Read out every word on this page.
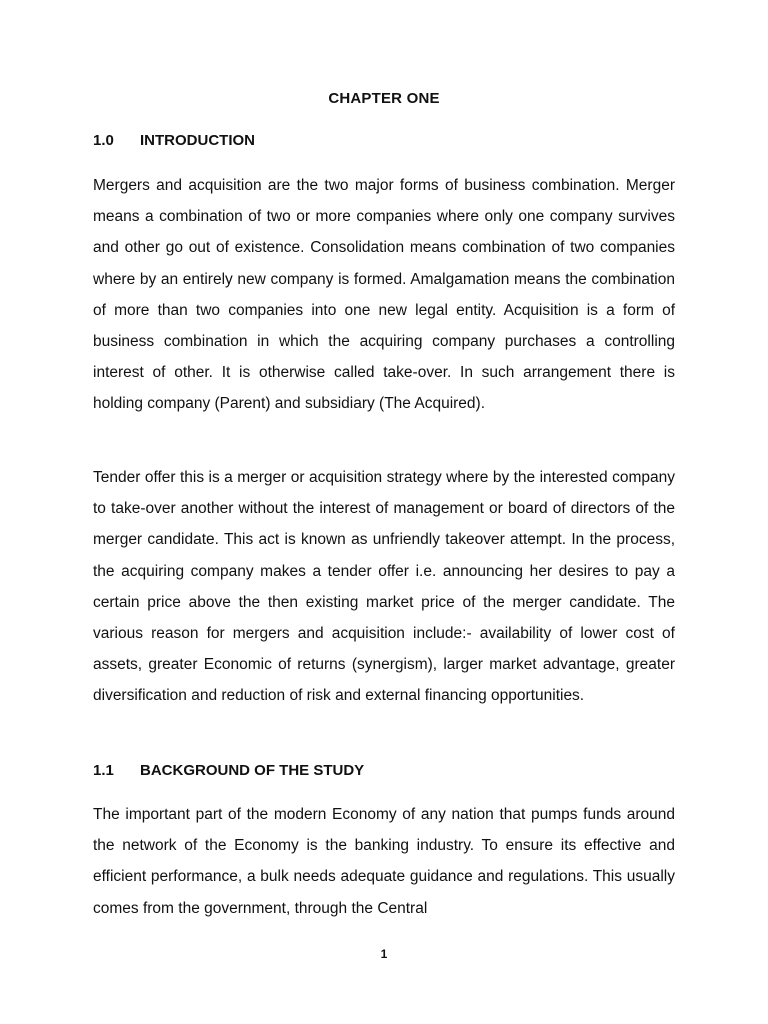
CHAPTER ONE
1.0	INTRODUCTION

Mergers and acquisition are the two major forms of business combination. Merger means a combination of two or more companies where only one company survives and other go out of existence. Consolidation means combination of two companies where by an entirely new company is formed. Amalgamation means the combination of more than two companies into one new legal entity. Acquisition is a form of business combination in which the acquiring company purchases a controlling interest of other. It is otherwise called take-over. In such arrangement there is holding company (Parent) and subsidiary (The Acquired).

Tender offer this is a merger or acquisition strategy where by the interested company to take-over another without the interest of management or board of directors of the merger candidate. This act is known as unfriendly takeover attempt. In the process, the acquiring company makes a tender offer i.e. announcing her desires to pay a certain price above the then existing market price of the merger candidate. The various reason for mergers and acquisition include:- availability of lower cost of assets, greater Economic of returns (synergism), larger market advantage, greater diversification and reduction of risk and external financing opportunities.

1.1	BACKGROUND OF THE STUDY

The important part of the modern Economy of any nation that pumps funds around the network of the Economy is the banking industry. To ensure its effective and efficient performance, a bulk needs adequate guidance and regulations. This usually comes from the government, through the Central

1
